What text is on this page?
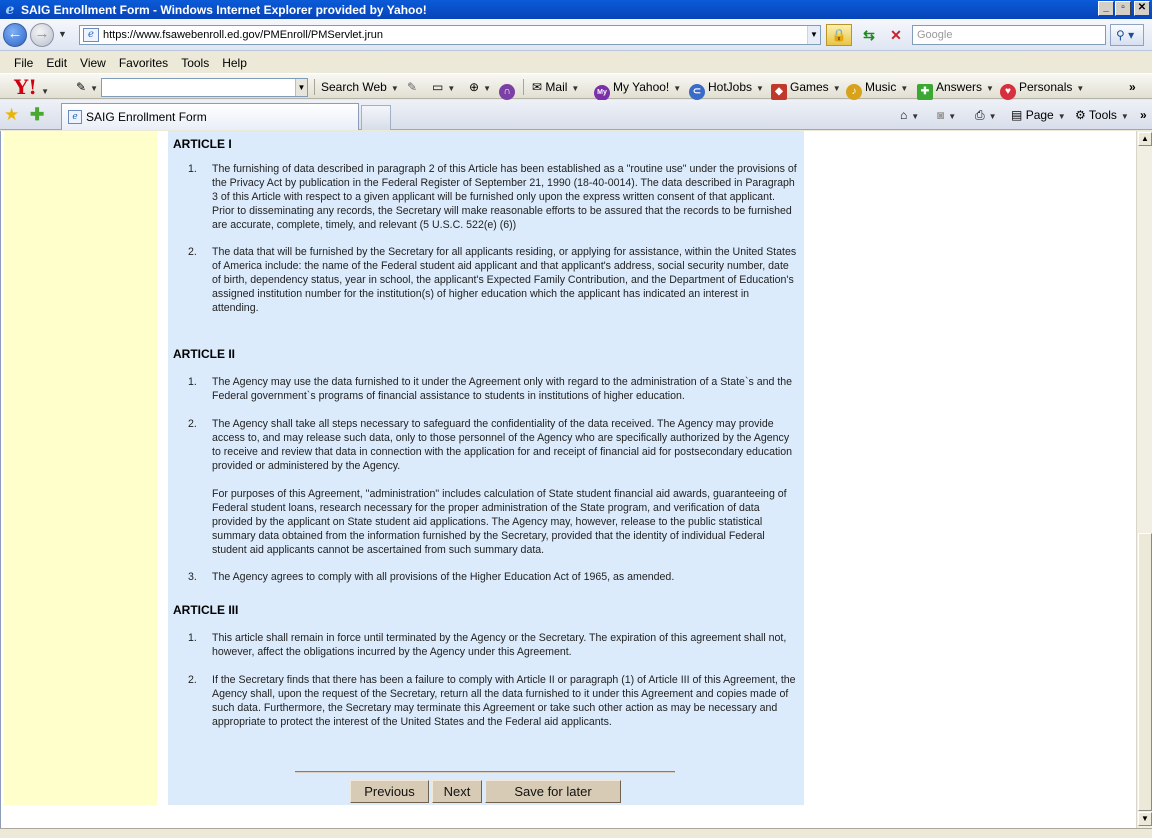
e SAIG Enrollment Form - Windows Internet Explorer provided by Yahoo!	_	▫	✕
← → ▼	e https://www.fsawebenroll.ed.gov/PMEnroll/PMServlet.jrun	▼	🔒	⇆	✕	Google	⚲ ▾
File Edit View Favorites Tools Help
Y! ▼ ✎ ▼	▼ Search Web ▼ ✎ ▭ ▼ ⊕ ▼	∩	✉ Mail ▼	My My Yahoo! ▼	⊂ HotJobs ▼	◆ Games ▼	♪ Music ▼	✚ Answers ▼	♥ Personals ▼	»
★ ✚	e SAIG Enrollment Form	⌂ ▼ ◙ ▼ ⎙ ▼ ▤ Page ▼ ⚙ Tools ▼ »
ARTICLE I
1.	The furnishing of data described in paragraph 2 of this Article has been established as a "routine use" under the provisions of the Privacy Act by publication in the Federal Register of September 21, 1990 (18-40-0014). The data described in Paragraph 3 of this Article with respect to a given applicant will be furnished only upon the express written consent of that applicant. Prior to disseminating any records, the Secretary will make reasonable efforts to be assured that the records to be furnished are accurate, complete, timely, and relevant (5 U.S.C. 522(e) (6))
2.	The data that will be furnished by the Secretary for all applicants residing, or applying for assistance, within the United States of America include: the name of the Federal student aid applicant and that applicant's address, social security number, date of birth, dependency status, year in school, the applicant's Expected Family Contribution, and the Department of Education's assigned institution number for the institution(s) of higher education which the applicant has indicated an interest in attending.
ARTICLE II
1.	The Agency may use the data furnished to it under the Agreement only with regard to the administration of a State`s and the Federal government`s programs of financial assistance to students in institutions of higher education.
2.	The Agency shall take all steps necessary to safeguard the confidentiality of the data received. The Agency may provide access to, and may release such data, only to those personnel of the Agency who are specifically authorized by the Agency to receive and review that data in connection with the application for and receipt of financial aid for postsecondary education provided or administered by the Agency.
For purposes of this Agreement, "administration" includes calculation of State student financial aid awards, guaranteeing of Federal student loans, research necessary for the proper administration of the State program, and verification of data provided by the applicant on State student aid applications. The Agency may, however, release to the public statistical summary data obtained from the information furnished by the Secretary, provided that the identity of individual Federal student aid applicants cannot be ascertained from such summary data.
3.	The Agency agrees to comply with all provisions of the Higher Education Act of 1965, as amended.
ARTICLE III
1.	This article shall remain in force until terminated by the Agency or the Secretary. The expiration of this agreement shall not, however, affect the obligations incurred by the Agency under this Agreement.
2.	If the Secretary finds that there has been a failure to comply with Article II or paragraph (1) of Article III of this Agreement, the Agency shall, upon the request of the Secretary, return all the data furnished to it under this Agreement and copies made of such data. Furthermore, the Secretary may terminate this Agreement or take such other action as may be necessary and appropriate to protect the interest of the United States and the Federal aid applicants.
Previous	Next	Save for later
▲
▼
